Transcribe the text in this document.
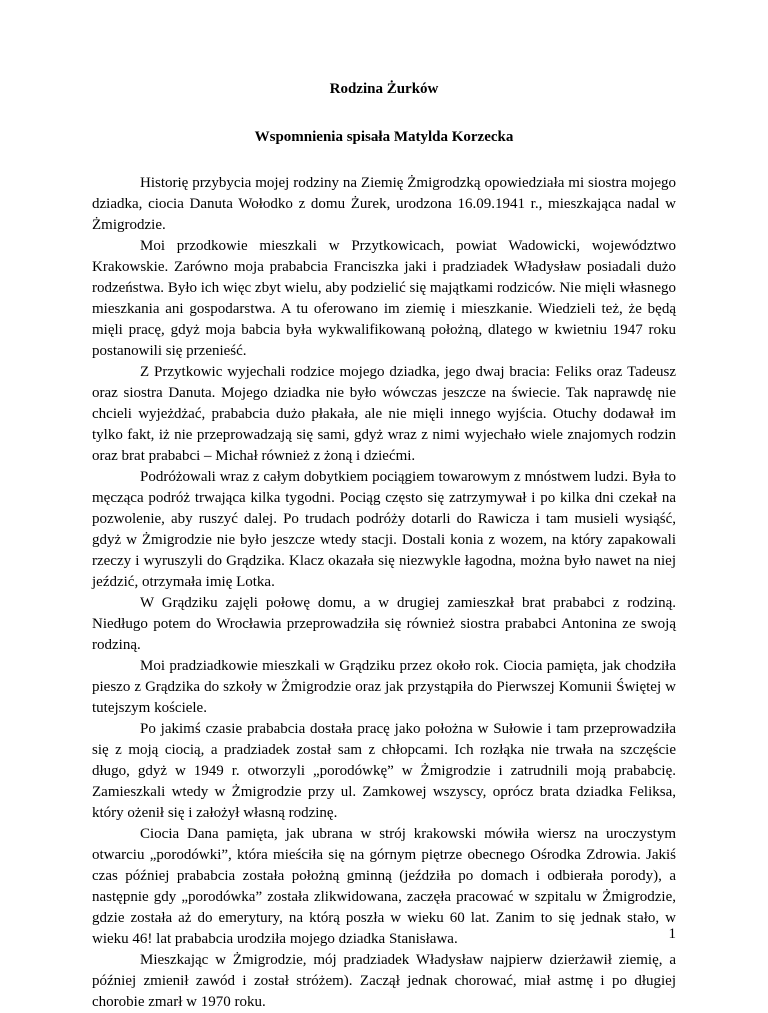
Rodzina Żurków

Wspomnienia spisała Matylda Korzecka

Historię przybycia mojej rodziny na Ziemię Żmigrodzką opowiedziała mi siostra mojego dziadka, ciocia Danuta Wołodko z domu Żurek, urodzona 16.09.1941 r., mieszkająca nadal w Żmigrodzie.

Moi przodkowie mieszkali w Przytkowicach, powiat Wadowicki, województwo Krakowskie. Zarówno moja prababcia Franciszka jaki i pradziadek Władysław posiadali dużo rodzeństwa. Było ich więc zbyt wielu, aby podzielić się majątkami rodziców. Nie mięli własnego mieszkania ani gospodarstwa. A tu oferowano im ziemię i mieszkanie. Wiedzieli też, że będą mięli pracę, gdyż moja babcia była wykwalifikowaną położną, dlatego w kwietniu 1947 roku postanowili się przenieść.

Z Przytkowic wyjechali rodzice mojego dziadka, jego dwaj bracia: Feliks oraz Tadeusz oraz siostra Danuta. Mojego dziadka nie było wówczas jeszcze na świecie. Tak naprawdę nie chcieli wyjeżdżać, prababcia dużo płakała, ale nie mięli innego wyjścia. Otuchy dodawał im tylko fakt, iż nie przeprowadzają się sami, gdyż wraz z nimi wyjechało wiele znajomych rodzin oraz brat prababci – Michał również z żoną i dziećmi.

Podróżowali wraz z całym dobytkiem pociągiem towarowym z mnóstwem ludzi. Była to męcząca podróż trwająca kilka tygodni. Pociąg często się zatrzymywał i po kilka dni czekał na pozwolenie, aby ruszyć dalej. Po trudach podróży dotarli do Rawicza i tam musieli wysiąść, gdyż w Żmigrodzie nie było jeszcze wtedy stacji. Dostali konia z wozem, na który zapakowali rzeczy i wyruszyli do Grądzika. Klacz okazała się niezwykle łagodna, można było nawet na niej jeździć, otrzymała imię Lotka.

W Grądziku zajęli połowę domu, a w drugiej zamieszkał brat prababci z rodziną. Niedługo potem do Wrocławia przeprowadziła się również siostra prababci Antonina ze swoją rodziną.

Moi pradziadkowie mieszkali w Grądziku przez około rok. Ciocia pamięta, jak chodziła pieszo z Grądzika do szkoły w Żmigrodzie oraz jak przystąpiła do Pierwszej Komunii Świętej w tutejszym kościele.

Po jakimś czasie prababcia dostała pracę jako położna w Sułowie i tam przeprowadziła się z moją ciocią, a pradziadek został sam z chłopcami. Ich rozłąka nie trwała na szczęście długo, gdyż w 1949 r. otworzyli „porodówkę” w Żmigrodzie i zatrudnili moją prababcię. Zamieszkali wtedy w Żmigrodzie przy ul. Zamkowej wszyscy, oprócz brata dziadka Feliksa, który ożenił się i założył własną rodzinę.

Ciocia Dana pamięta, jak ubrana w strój krakowski mówiła wiersz na uroczystym otwarciu „porodówki”, która mieściła się na górnym piętrze obecnego Ośrodka Zdrowia. Jakiś czas później prababcia została położną gminną (jeździła po domach i odbierała porody), a następnie gdy „porodówka” została zlikwidowana, zaczęła pracować w szpitalu w Żmigrodzie, gdzie została aż do emerytury, na którą poszła w wieku 60 lat. Zanim to się jednak stało, w wieku 46! lat prababcia urodziła mojego dziadka Stanisława.

Mieszkając w Żmigrodzie, mój pradziadek Władysław najpierw dzierżawił ziemię, a później zmienił zawód i został stróżem). Zaczął jednak chorować, miał astmę i po długiej chorobie zmarł w 1970 roku.

1
